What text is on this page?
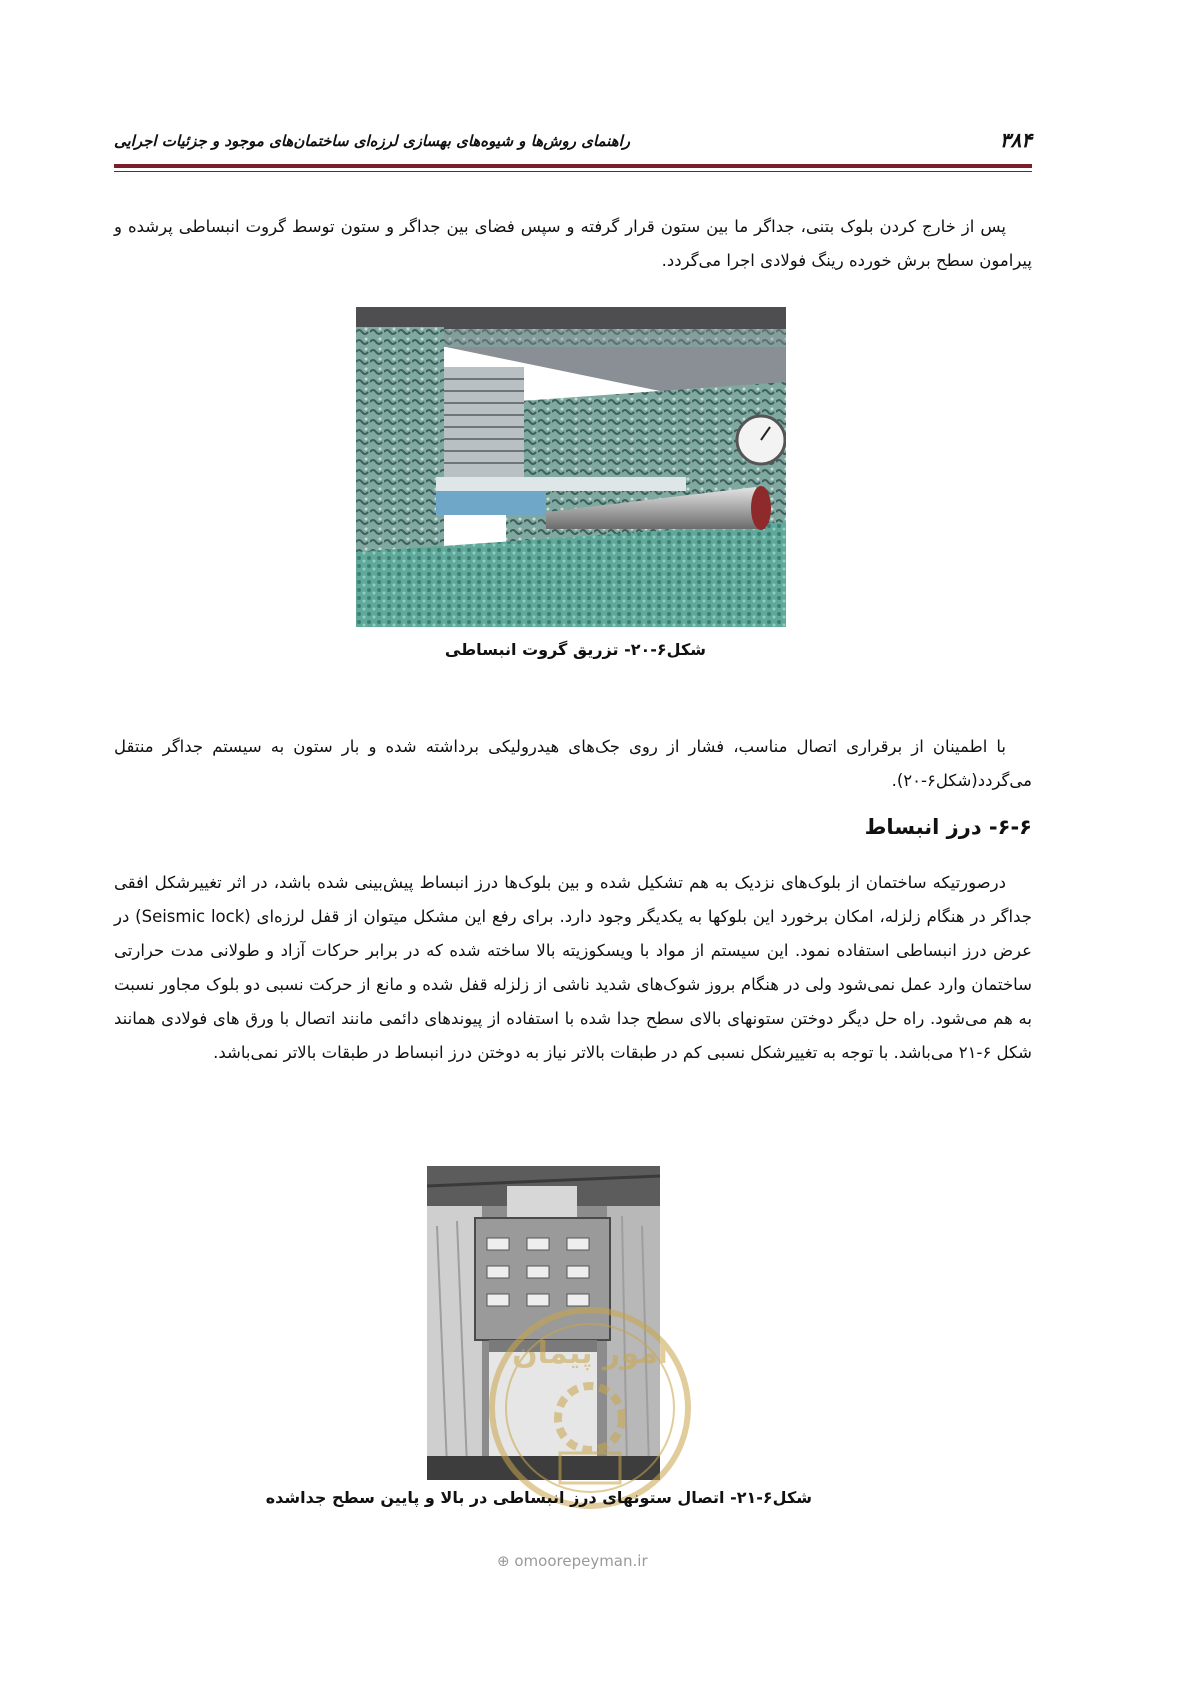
۳۸۴
راهنمای روش‌ها و شیوه‌های بهسازی لرزه‌ای ساختمان‌های موجود و جزئیات اجرایی

پس از خارج کردن بلوک بتنی، جداگر ما بین ستون قرار گرفته و سپس فضای بین جداگر و ستون توسط گروت انبساطی پرشده و پیرامون سطح برش خورده رینگ فولادی اجرا می‌گردد.

شکل۶-۲۰- تزریق گروت انبساطی

با اطمینان از برقراری اتصال مناسب، فشار از روی جک‌های هیدرولیکی برداشته شده و بار ستون به سیستم جداگر منتقل می‌گردد(شکل۶-۲۰).

۶-۶- درز انبساط

درصورتیکه ساختمان از بلوک‌های نزدیک به هم تشکیل شده و بین بلوک‌ها درز انبساط پیش‌بینی شده باشد، در اثر تغییرشکل افقی جداگر در هنگام زلزله، امکان برخورد این بلوکها به یکدیگر وجود دارد. برای رفع این مشکل میتوان از قفل لرزه‌ای (Seismic lock) در عرض درز انبساطی استفاده نمود. این سیستم از مواد با ویسکوزیته بالا ساخته شده که در برابر حرکات آزاد و طولانی مدت حرارتی ساختمان وارد عمل نمی‌شود ولی در هنگام بروز شوک‌های شدید ناشی از زلزله قفل شده و مانع از حرکت نسبی دو بلوک مجاور نسبت به هم می‌شود. راه حل دیگر دوختن ستونهای بالای سطح جدا شده با استفاده از پیوندهای دائمی مانند اتصال با ورق های فولادی همانند شکل ۶-۲۱ می‌باشد. با توجه به تغییرشکل نسبی کم در طبقات بالاتر نیاز به دوختن درز انبساط در طبقات بالاتر نمی‌باشد.

امور پیمان
شکل۶-۲۱- اتصال ستونهای درز انبساطی در بالا و پایین سطح جداشده
⊕ omoorepeyman.ir
